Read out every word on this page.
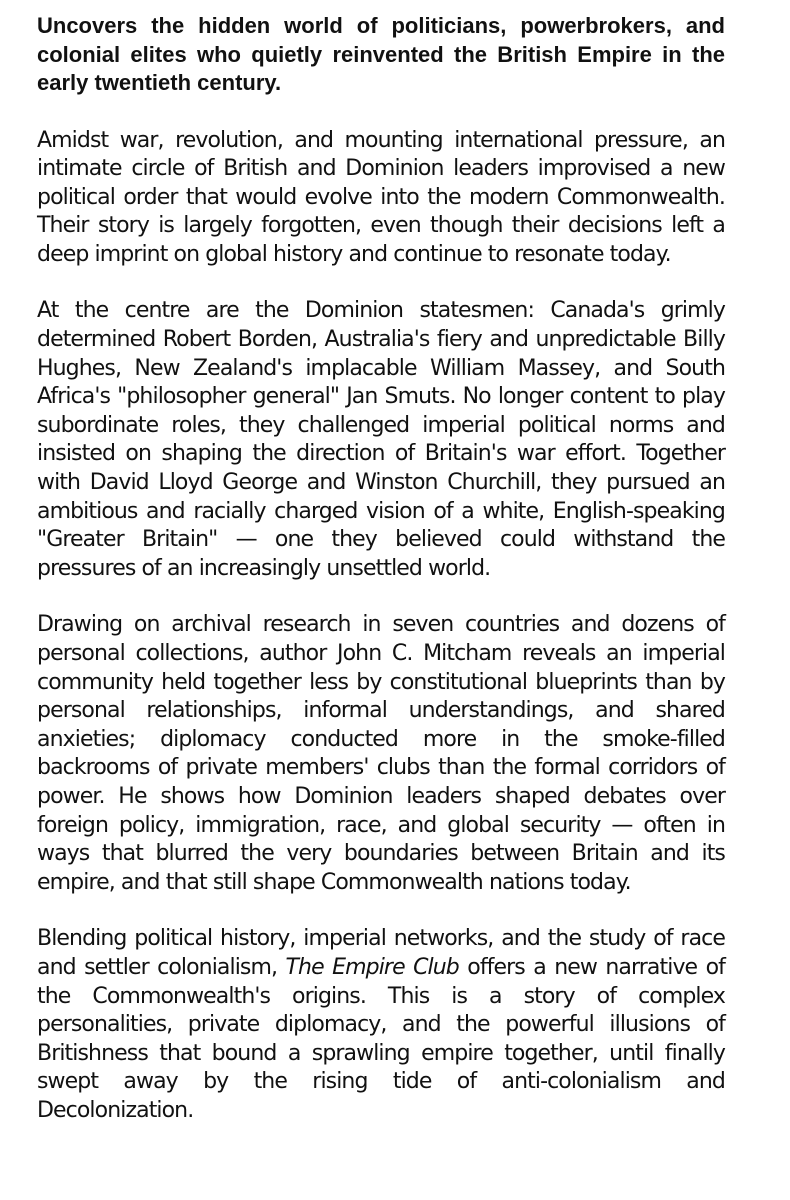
Uncovers the hidden world of politicians, powerbrokers, and colonial elites who quietly reinvented the British Empire in the early twentieth century.

Amidst war, revolution, and mounting international pressure, an intimate circle of British and Dominion leaders improvised a new political order that would evolve into the modern Commonwealth. Their story is largely forgotten, even though their decisions left a deep imprint on global history and continue to resonate today.

At the centre are the Dominion statesmen: Canada's grimly determined Robert Borden, Australia's fiery and unpredictable Billy Hughes, New Zealand's implacable William Massey, and South Africa's "philosopher general" Jan Smuts. No longer content to play subordinate roles, they challenged imperial political norms and insisted on shaping the direction of Britain's war effort. Together with David Lloyd George and Winston Churchill, they pursued an ambitious and racially charged vision of a white, English-speaking "Greater Britain" — one they believed could withstand the pressures of an increasingly unsettled world.

Drawing on archival research in seven countries and dozens of personal collections, author John C. Mitcham reveals an imperial community held together less by constitutional blueprints than by personal relationships, informal understandings, and shared anxieties; diplomacy conducted more in the smoke-filled backrooms of private members' clubs than the formal corridors of power. He shows how Dominion leaders shaped debates over foreign policy, immigration, race, and global security — often in ways that blurred the very boundaries between Britain and its empire, and that still shape Commonwealth nations today.

Blending political history, imperial networks, and the study of race and settler colonialism, The Empire Club offers a new narrative of the Commonwealth's origins. This is a story of complex personalities, private diplomacy, and the powerful illusions of Britishness that bound a sprawling empire together, until finally swept away by the rising tide of anti-colonialism and Decolonization.
